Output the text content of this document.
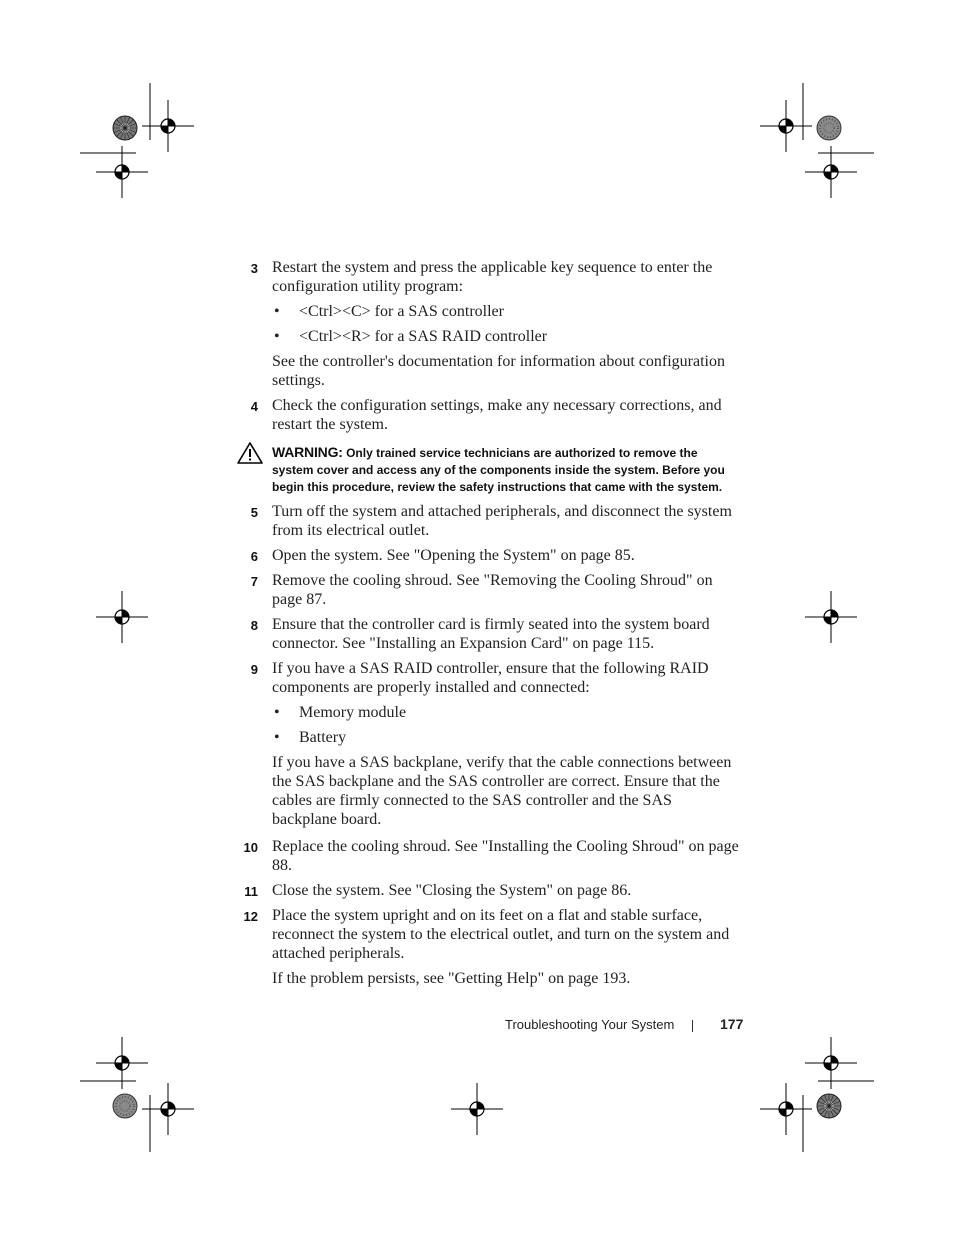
3 Restart the system and press the applicable key sequence to enter the configuration utility program:
• <Ctrl><C> for a SAS controller
• <Ctrl><R> for a SAS RAID controller

See the controller's documentation for information about configuration settings.

4 Check the configuration settings, make any necessary corrections, and restart the system.
WARNING: Only trained service technicians are authorized to remove the system cover and access any of the components inside the system. Before you begin this procedure, review the safety instructions that came with the system.
5 Turn off the system and attached peripherals, and disconnect the system from its electrical outlet.
6 Open the system. See "Opening the System" on page 85.
7 Remove the cooling shroud. See "Removing the Cooling Shroud" on page 87.
8 Ensure that the controller card is firmly seated into the system board connector. See "Installing an Expansion Card" on page 115.
9 If you have a SAS RAID controller, ensure that the following RAID components are properly installed and connected:
• Memory module
• Battery

If you have a SAS backplane, verify that the cable connections between the SAS backplane and the SAS controller are correct. Ensure that the cables are firmly connected to the SAS controller and the SAS backplane board.

10 Replace the cooling shroud. See "Installing the Cooling Shroud" on page 88.
11 Close the system. See "Closing the System" on page 86.
12 Place the system upright and on its feet on a flat and stable surface, reconnect the system to the electrical outlet, and turn on the system and attached peripherals.

If the problem persists, see "Getting Help" on page 193.

Troubleshooting Your System	177
